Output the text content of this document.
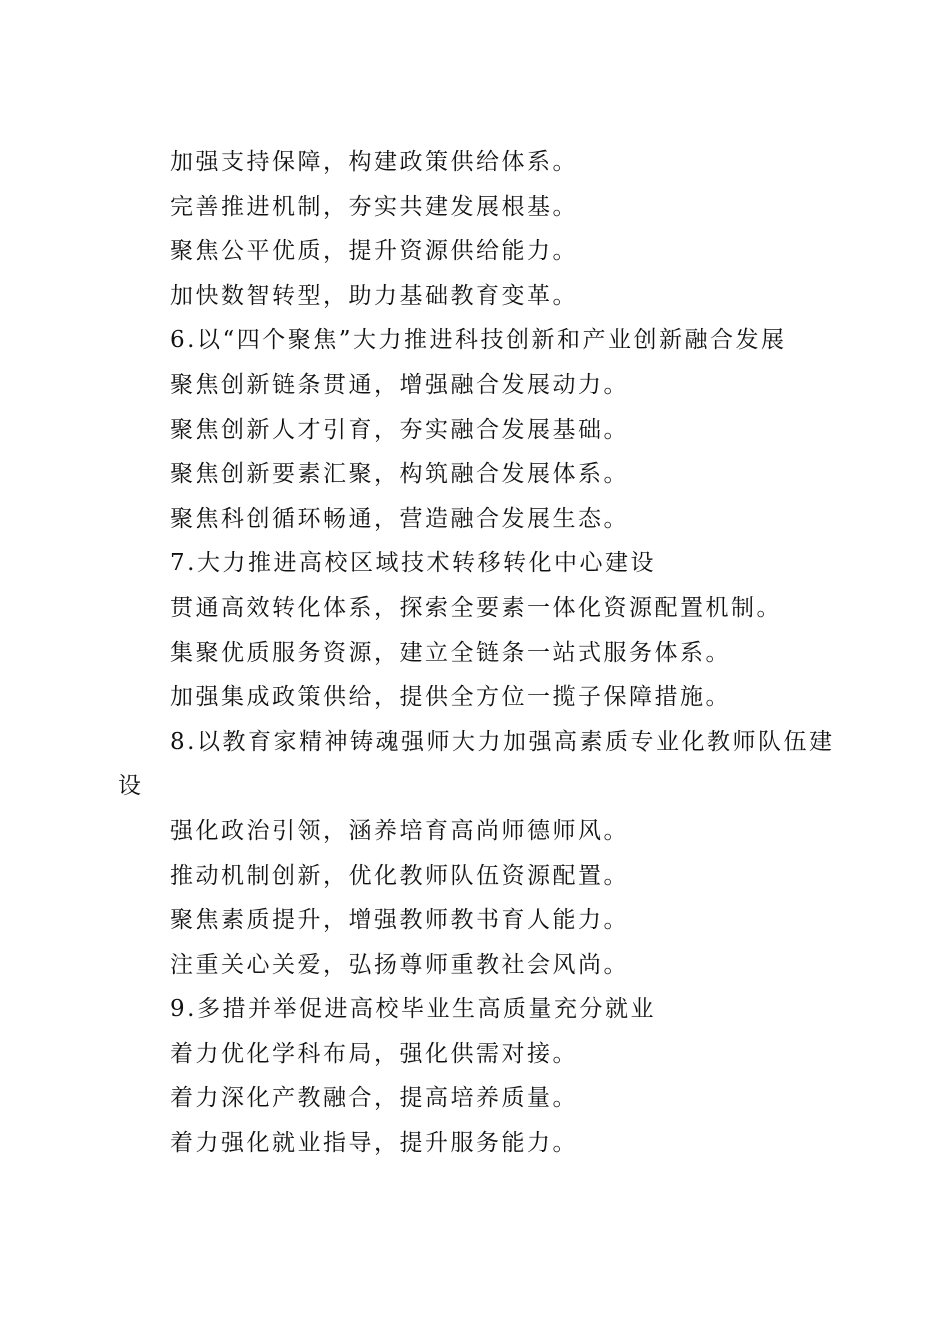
加强支持保障，构建政策供给体系。

完善推进机制，夯实共建发展根基。

聚焦公平优质，提升资源供给能力。

加快数智转型，助力基础教育变革。

6.以“四个聚焦”大力推进科技创新和产业创新融合发展

聚焦创新链条贯通，增强融合发展动力。

聚焦创新人才引育，夯实融合发展基础。

聚焦创新要素汇聚，构筑融合发展体系。

聚焦科创循环畅通，营造融合发展生态。

7.大力推进高校区域技术转移转化中心建设

贯通高效转化体系，探索全要素一体化资源配置机制。

集聚优质服务资源，建立全链条一站式服务体系。

加强集成政策供给，提供全方位一揽子保障措施。

8.以教育家精神铸魂强师大力加强高素质专业化教师队伍建设

强化政治引领，涵养培育高尚师德师风。

推动机制创新，优化教师队伍资源配置。

聚焦素质提升，增强教师教书育人能力。

注重关心关爱，弘扬尊师重教社会风尚。

9.多措并举促进高校毕业生高质量充分就业

着力优化学科布局，强化供需对接。

着力深化产教融合，提高培养质量。

着力强化就业指导，提升服务能力。
